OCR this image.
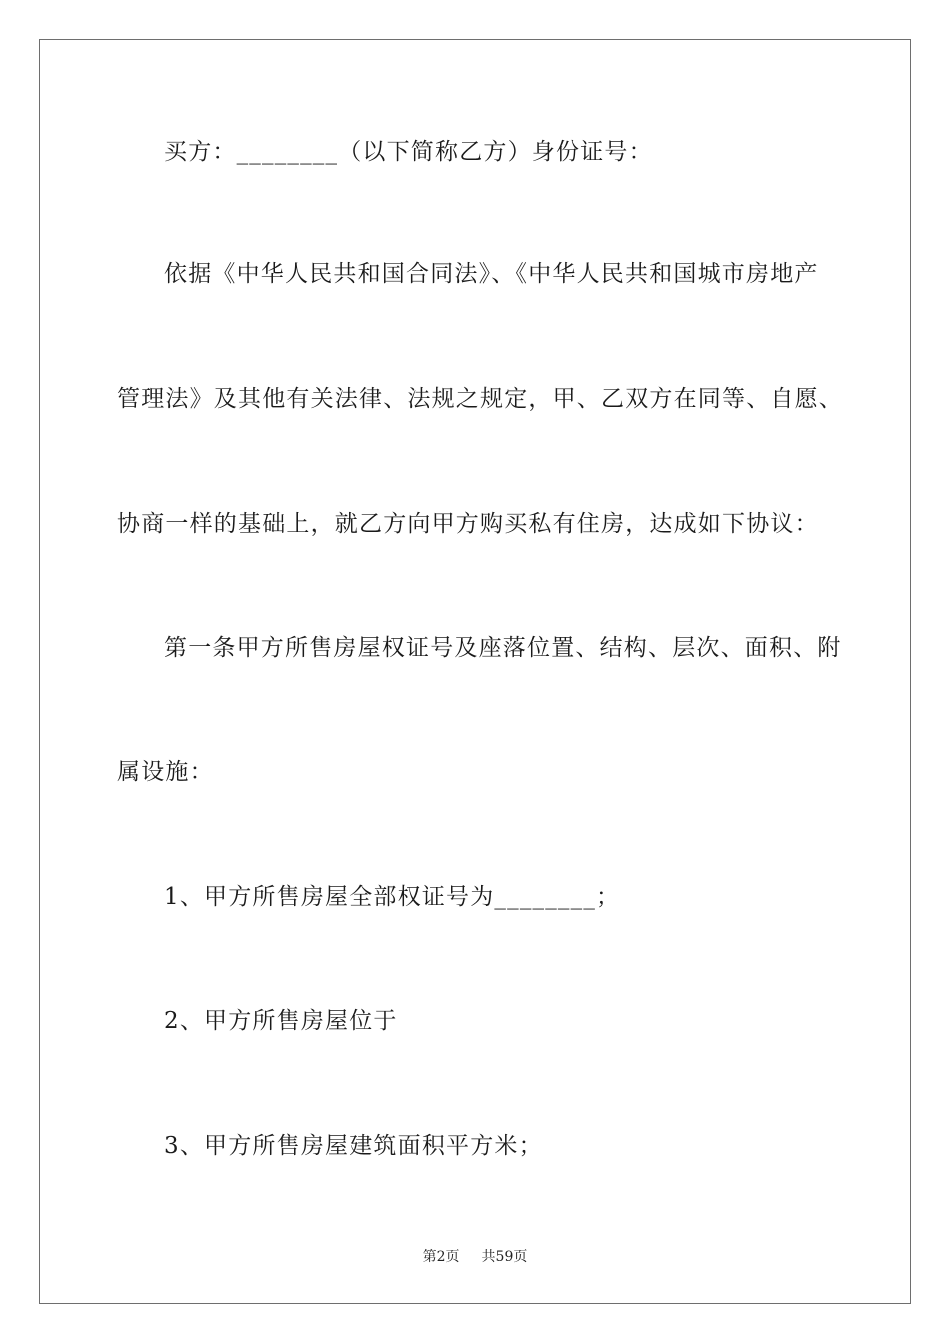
买方：________（以下简称乙方）身份证号：
依据《中华人民共和国合同法》、《中华人民共和国城市房地产
管理法》及其他有关法律、法规之规定，甲、乙双方在同等、自愿、
协商一样的基础上，就乙方向甲方购买私有住房，达成如下协议：
第一条甲方所售房屋权证号及座落位置、结构、层次、面积、附
属设施：
1、甲方所售房屋全部权证号为________；
2、甲方所售房屋位于
3、甲方所售房屋建筑面积平方米；
第2页 共59页
